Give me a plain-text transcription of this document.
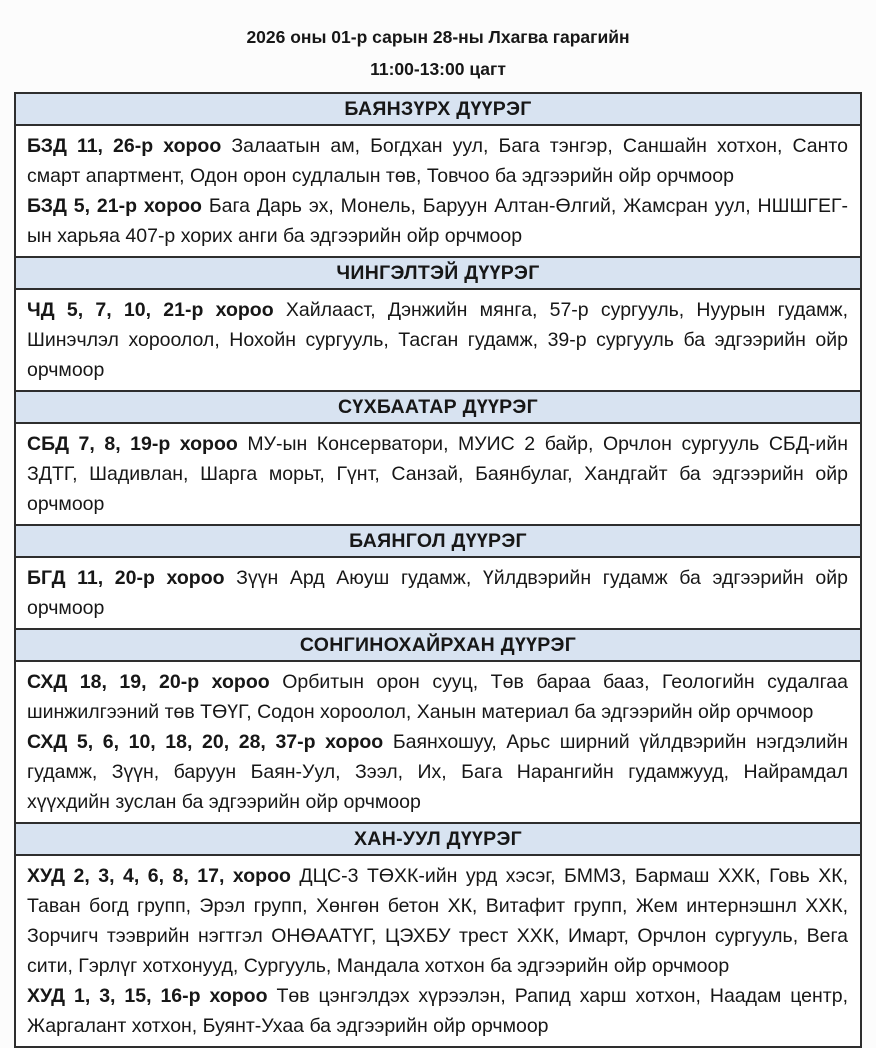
2026 оны 01-р сарын 28-ны Лхагва гарагийн
11:00-13:00 цагт
БАЯНЗҮРХ ДҮҮРЭГ

БЗД 11, 26-р хороо Залаатын ам, Богдхан уул, Бага тэнгэр, Саншайн хотхон, Санто смарт апартмент, Одон орон судлалын төв, Товчоо ба эдгээрийн ойр орчмоор

БЗД 5, 21-р хороо Бага Дарь эх, Монель, Баруун Алтан-Өлгий, Жамсран уул, НШШГЕГ-ын харьяа 407-р хорих анги ба эдгээрийн ойр орчмоор

ЧИНГЭЛТЭЙ ДҮҮРЭГ

ЧД 5, 7, 10, 21-р хороо Хайлааст, Дэнжийн мянга, 57-р сургууль, Нуурын гудамж, Шинэчлэл хороолол, Нохойн сургууль, Тасган гудамж, 39-р сургууль ба эдгээрийн ойр орчмоор

СҮХБААТАР ДҮҮРЭГ

СБД 7, 8, 19-р хороо МУ-ын Консерватори, МУИС 2 байр, Орчлон сургууль СБД-ийн ЗДТГ, Шадивлан, Шарга морьт, Гүнт, Санзай, Баянбулаг, Хандгайт ба эдгээрийн ойр орчмоор

БАЯНГОЛ ДҮҮРЭГ

БГД 11, 20-р хороо Зүүн Ард Аюуш гудамж, Үйлдвэрийн гудамж ба эдгээрийн ойр орчмоор

СОНГИНОХАЙРХАН ДҮҮРЭГ

СХД 18, 19, 20-р хороо Орбитын орон сууц, Төв бараа бааз, Геологийн судалгаа шинжилгээний төв ТӨҮГ, Содон хороолол, Ханын материал ба эдгээрийн ойр орчмоор

СХД 5, 6, 10, 18, 20, 28, 37-р хороо Баянхошуу, Арьс ширний үйлдвэрийн нэгдэлийн гудамж, Зүүн, баруун Баян-Уул, Зээл, Их, Бага Нарангийн гудамжууд, Найрамдал хүүхдийн зуслан ба эдгээрийн ойр орчмоор

ХАН-УУЛ ДҮҮРЭГ

ХУД 2, 3, 4, 6, 8, 17, хороо ДЦС-3 ТӨХК-ийн урд хэсэг, БММЗ, Бармаш ХХК, Говь ХК, Таван богд групп, Эрэл групп, Хөнгөн бетон ХК, Витафит групп, Жем интернэшнл ХХК, Зорчигч тээврийн нэгтгэл ОНӨААТҮГ, ЦЭХБУ трест ХХК, Имарт, Орчлон сургууль, Вега сити, Гэрлүг хотхонууд, Сургууль, Мандала хотхон ба эдгээрийн ойр орчмоор

ХУД 1, 3, 15, 16-р хороо Төв цэнгэлдэх хүрээлэн, Рапид харш хотхон, Наадам центр, Жаргалант хотхон, Буянт-Ухаа ба эдгээрийн ойр орчмоор
